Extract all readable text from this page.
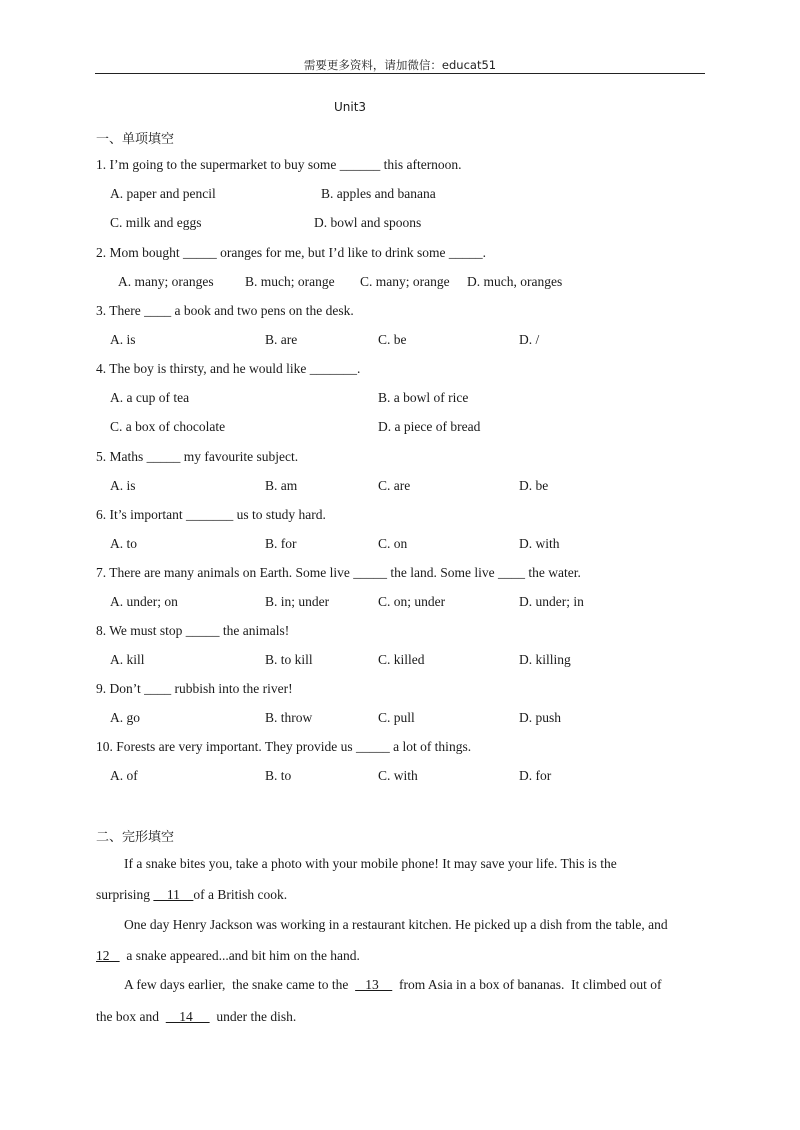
需要更多资料，请加微信：educat51
Unit3
一、单项填空
1. I’m going to the supermarket to buy some ______ this afternoon.
A. paper and pencil	B. apples and banana
C. milk and eggs	D. bowl and spoons
2. Mom bought _____ oranges for me, but I’d like to drink some _____.
A. many; oranges B. much; orange C. many; orange D. much, oranges
3. There ____ a book and two pens on the desk.
A. is	B. are	C. be	D. /
4. The boy is thirsty, and he would like _______.
A. a cup of tea	B. a bowl of rice
C. a box of chocolate	D. a piece of bread
5. Maths _____ my favourite subject.
A. is	B. am	C. are	D. be
6. It’s important _______ us to study hard.
A. to	B. for	C. on	D. with
7. There are many animals on Earth. Some live _____ the land. Some live ____ the water.
A. under; on	B. in; under	C. on; under	D. under; in
8. We must stop _____ the animals!
A. kill	B. to kill	C. killed	D. killing
9. Don’t ____ rubbish into the river!
A. go	B. throw	C. pull	D. push
10. Forests are very important. They provide us _____ a lot of things.
A. of	B. to	C. with	D. for
二、完形填空
If a snake bites you, take a photo with your mobile phone! It may save your life. This is the
surprising     11    of a British cook.
One day Henry Jackson was working in a restaurant kitchen. He picked up a dish from the table, and
12     a snake appeared...and bit him on the hand.
A few days earlier,  the snake came to the     13      from Asia in a box of bananas.  It climbed out of
the box and      14       under the dish.
